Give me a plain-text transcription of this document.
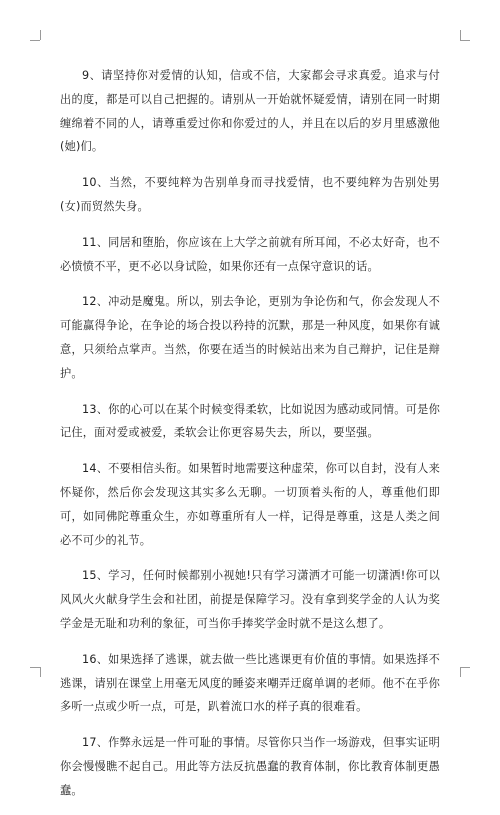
9、请坚持你对爱情的认知，信或不信，大家都会寻求真爱。追求与付出的度，都是可以自己把握的。请别从一开始就怀疑爱情，请别在同一时期缠绵着不同的人，请尊重爱过你和你爱过的人，并且在以后的岁月里感激他(她)们。

10、当然，不要纯粹为告别单身而寻找爱情，也不要纯粹为告别处男(女)而贸然失身。

11、同居和堕胎，你应该在上大学之前就有所耳闻，不必太好奇，也不必愤愤不平，更不必以身试险，如果你还有一点保守意识的话。

12、冲动是魔鬼。所以，别去争论，更别为争论伤和气，你会发现人不可能赢得争论，在争论的场合投以矜持的沉默，那是一种风度，如果你有诚意，只须给点掌声。当然，你要在适当的时候站出来为自己辩护，记住是辩护。

13、你的心可以在某个时候变得柔软，比如说因为感动或同情。可是你记住，面对爱或被爱，柔软会让你更容易失去，所以，要坚强。

14、不要相信头衔。如果暂时地需要这种虚荣，你可以自封，没有人来怀疑你，然后你会发现这其实多么无聊。一切顶着头衔的人，尊重他们即可，如同佛陀尊重众生，亦如尊重所有人一样，记得是尊重，这是人类之间必不可少的礼节。

15、学习，任何时候都别小视她!只有学习潇洒才可能一切潇洒!你可以风风火火献身学生会和社团，前提是保障学习。没有拿到奖学金的人认为奖学金是无耻和功利的象征，可当你手捧奖学金时就不是这么想了。

16、如果选择了逃课，就去做一些比逃课更有价值的事情。如果选择不逃课，请别在课堂上用毫无风度的睡姿来嘲弄迂腐单调的老师。他不在乎你多听一点或少听一点，可是，趴着流口水的样子真的很难看。

17、作弊永远是一件可耻的事情。尽管你只当作一场游戏，但事实证明你会慢慢瞧不起自己。用此等方法反抗愚蠢的教育体制，你比教育体制更愚蠢。
